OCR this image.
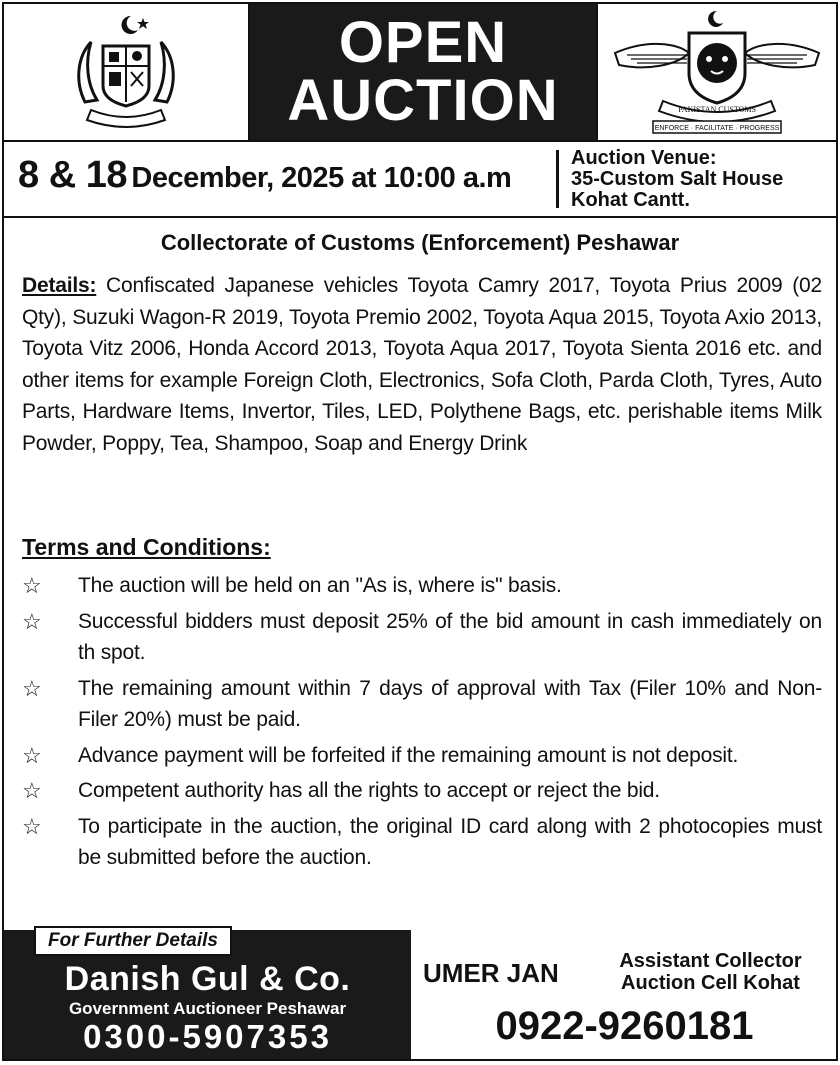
OPEN
AUCTION	PAKISTAN CUSTOMS
ENFORCE · FACILITATE · PROGRESS
8 & 18 December, 2025 at 10:00 a.m
Auction Venue:
35-Custom Salt House
Kohat Cantt.
Collectorate of Customs (Enforcement) Peshawar
Details: Confiscated Japanese vehicles Toyota Camry 2017, Toyota Prius 2009 (02 Qty), Suzuki Wagon-R 2019, Toyota Premio 2002, Toyota Aqua 2015, Toyota Axio 2013, Toyota Vitz 2006, Honda Accord 2013, Toyota Aqua 2017, Toyota Sienta 2016 etc. and other items for example Foreign Cloth, Electronics, Sofa Cloth, Parda Cloth, Tyres, Auto Parts, Hardware Items, Invertor, Tiles, LED, Polythene Bags, etc. perishable items Milk Powder, Poppy, Tea, Shampoo, Soap and Energy Drink
Terms and Conditions:
☆	The auction will be held on an "As is, where is" basis.
☆	Successful bidders must deposit 25% of the bid amount in cash immediately on th spot.
☆	The remaining amount within 7 days of approval with Tax (Filer 10% and Non-Filer 20%) must be paid.
☆	Advance payment will be forfeited if the remaining amount is not deposit.
☆	Competent authority has all the rights to accept or reject the bid.
☆	To participate in the auction, the original ID card along with 2 photocopies must be submitted before the auction.
For Further Details
Danish Gul & Co.
Government Auctioneer Peshawar
0300-5907353
UMER JAN	Assistant Collector
Auction Cell Kohat
0922-9260181
